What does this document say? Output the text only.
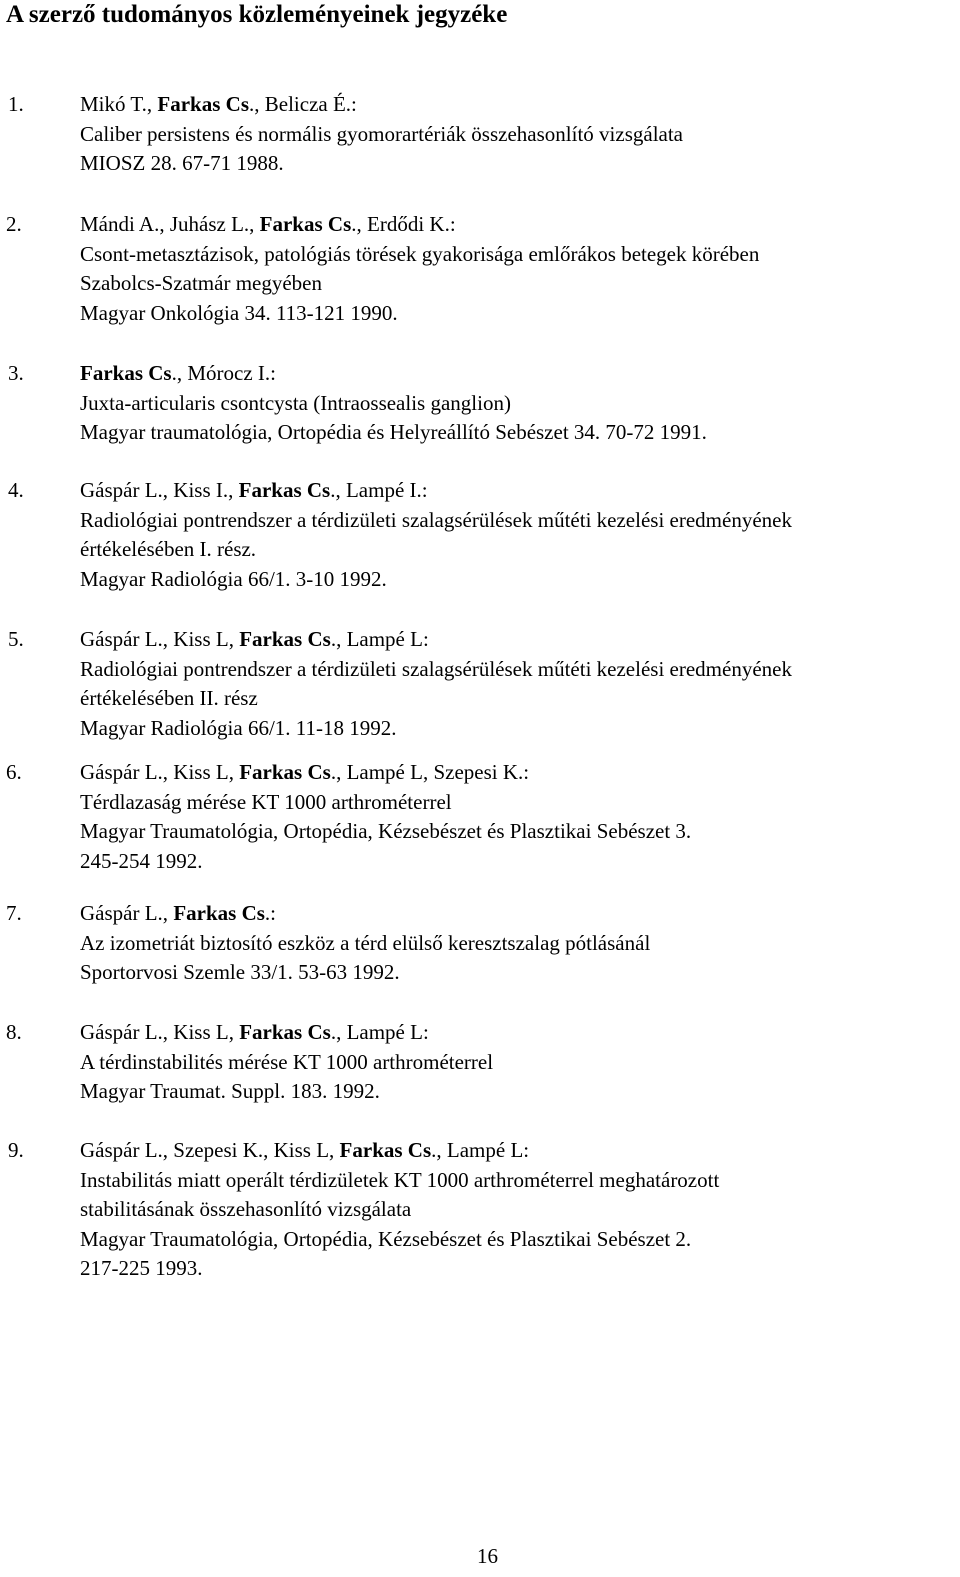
A szerző tudományos közleményeinek jegyzéke
1.	Mikó T., Farkas Cs., Belicza É.:
Caliber persistens és normális gyomorartériák összehasonlító vizsgálata
MIOSZ 28. 67-71 1988.
2.	Mándi A., Juhász L., Farkas Cs., Erdődi K.:
Csont-metasztázisok, patológiás törések gyakorisága emlőrákos betegek körében
Szabolcs-Szatmár megyében
Magyar Onkológia 34. 113-121 1990.
3.	Farkas Cs., Mórocz I.:
Juxta-articularis csontcysta (Intraossealis ganglion)
Magyar traumatológia, Ortopédia és Helyreállító Sebészet 34. 70-72 1991.
4.	Gáspár L., Kiss I., Farkas Cs., Lampé I.:
Radiológiai pontrendszer a térdizületi szalagsérülések műtéti kezelési eredményének
értékelésében I. rész.
Magyar Radiológia 66/1. 3-10 1992.
5.	Gáspár L., Kiss L, Farkas Cs., Lampé L:
Radiológiai pontrendszer a térdizületi szalagsérülések műtéti kezelési eredményének
értékelésében II. rész
Magyar Radiológia 66/1. 11-18 1992.
6.	Gáspár L., Kiss L, Farkas Cs., Lampé L, Szepesi K.:
Térdlazaság mérése KT 1000 arthrométerrel
Magyar Traumatológia, Ortopédia, Kézsebészet és Plasztikai Sebészet 3.
245-254 1992.
7.	Gáspár L., Farkas Cs.:
Az izometriát biztosító eszköz a térd elülső keresztszalag pótlásánál
Sportorvosi Szemle 33/1. 53-63 1992.
8.	Gáspár L., Kiss L, Farkas Cs., Lampé L:
A térdinstabilités mérése KT 1000 arthrométerrel
Magyar Traumat. Suppl. 183. 1992.
9.	Gáspár L., Szepesi K., Kiss L, Farkas Cs., Lampé L:
Instabilitás miatt operált térdizületek KT 1000 arthrométerrel meghatározott
stabilitásának összehasonlító vizsgálata
Magyar Traumatológia, Ortopédia, Kézsebészet és Plasztikai Sebészet 2.
217-225 1993.
16
